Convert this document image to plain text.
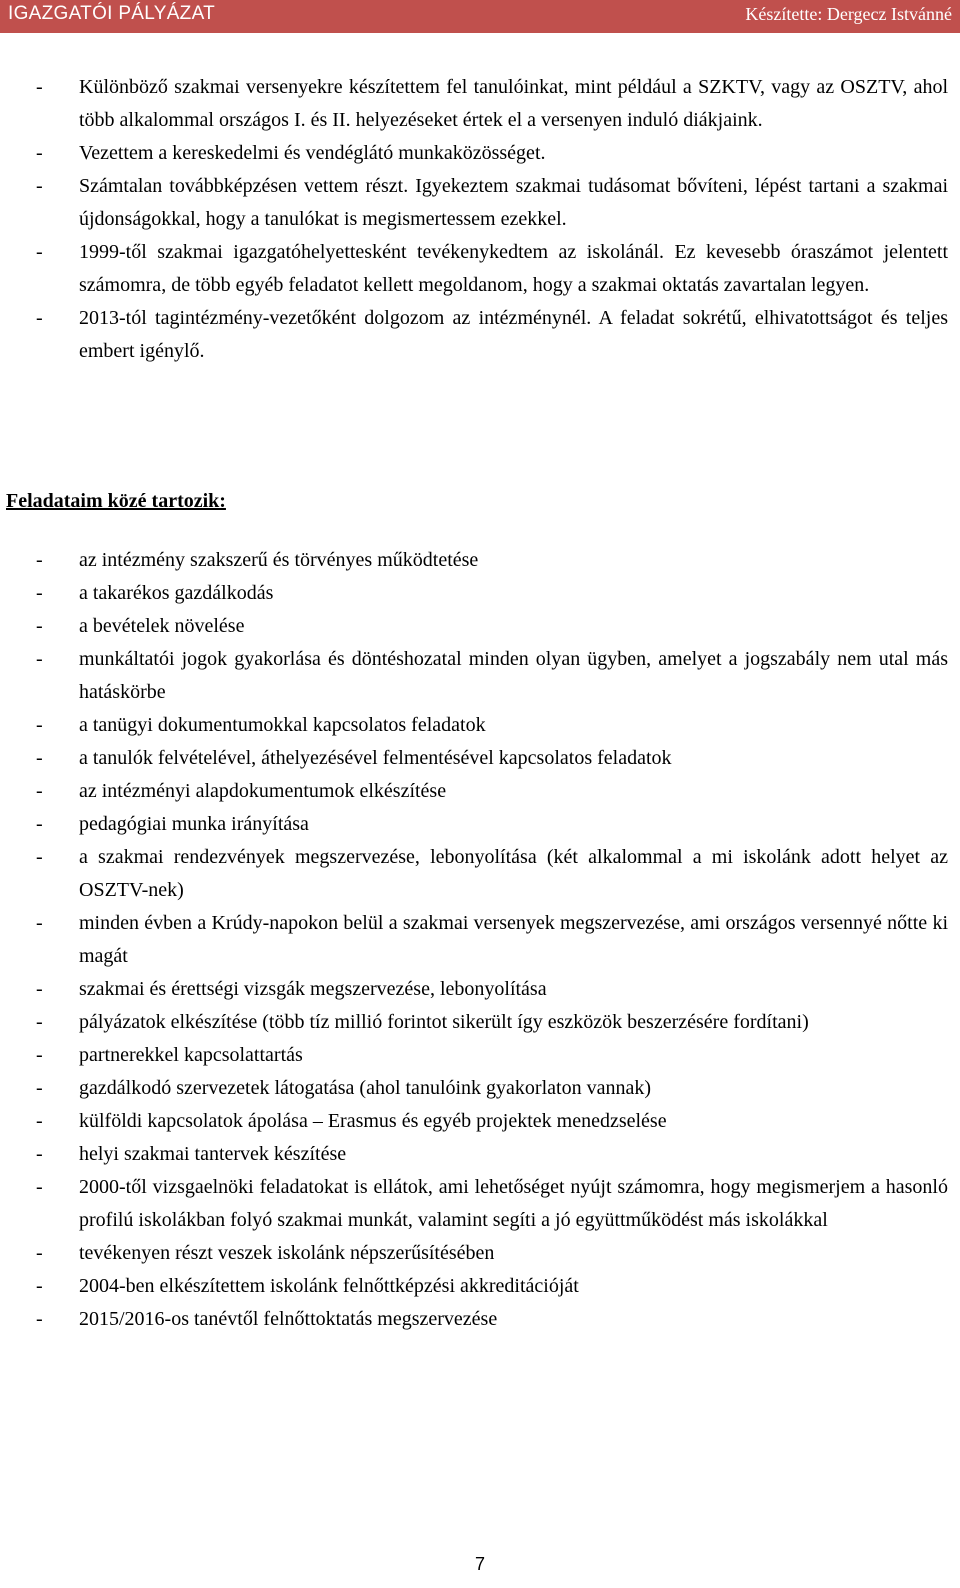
IGAZGATÓI PÁLYÁZAT	Készítette: Dergecz Istvánné
- Különböző szakmai versenyekre készítettem fel tanulóinkat, mint például a SZKTV, vagy az OSZTV, ahol több alkalommal országos I. és II. helyezéseket értek el a versenyen induló diákjaink.
- Vezettem a kereskedelmi és vendéglátó munkaközösséget.
- Számtalan továbbképzésen vettem részt. Igyekeztem szakmai tudásomat bővíteni, lépést tartani a szakmai újdonságokkal, hogy a tanulókat is megismertessem ezekkel.
- 1999-től szakmai igazgatóhelyettesként tevékenykedtem az iskolánál. Ez kevesebb óraszámot jelentett számomra, de több egyéb feladatot kellett megoldanom, hogy a szakmai oktatás zavartalan legyen.
- 2013-tól tagintézmény-vezetőként dolgozom az intézménynél. A feladat sokrétű, elhivatottságot és teljes embert igénylő.
Feladataim közé tartozik:
- az intézmény szakszerű és törvényes működtetése
- a takarékos gazdálkodás
- a bevételek növelése
- munkáltatói jogok gyakorlása és döntéshozatal minden olyan ügyben, amelyet a jogszabály nem utal más hatáskörbe
- a tanügyi dokumentumokkal kapcsolatos feladatok
- a tanulók felvételével, áthelyezésével felmentésével kapcsolatos feladatok
- az intézményi alapdokumentumok elkészítése
- pedagógiai munka irányítása
- a szakmai rendezvények megszervezése, lebonyolítása (két alkalommal a mi iskolánk adott helyet az OSZTV-nek)
- minden évben a Krúdy-napokon belül a szakmai versenyek megszervezése, ami országos versennyé nőtte ki magát
- szakmai és érettségi vizsgák megszervezése, lebonyolítása
- pályázatok elkészítése (több tíz millió forintot sikerült így eszközök beszerzésére fordítani)
- partnerekkel kapcsolattartás
- gazdálkodó szervezetek látogatása (ahol tanulóink gyakorlaton vannak)
- külföldi kapcsolatok ápolása – Erasmus és egyéb projektek menedzselése
- helyi szakmai tantervek készítése
- 2000-től vizsgaelnöki feladatokat is ellátok, ami lehetőséget nyújt számomra, hogy megismerjem a hasonló profilú iskolákban folyó szakmai munkát, valamint segíti a jó együttműködést más iskolákkal
- tevékenyen részt veszek iskolánk népszerűsítésében
- 2004-ben elkészítettem iskolánk felnőttképzési akkreditációját
- 2015/2016-os tanévtől felnőttoktatás megszervezése
7
